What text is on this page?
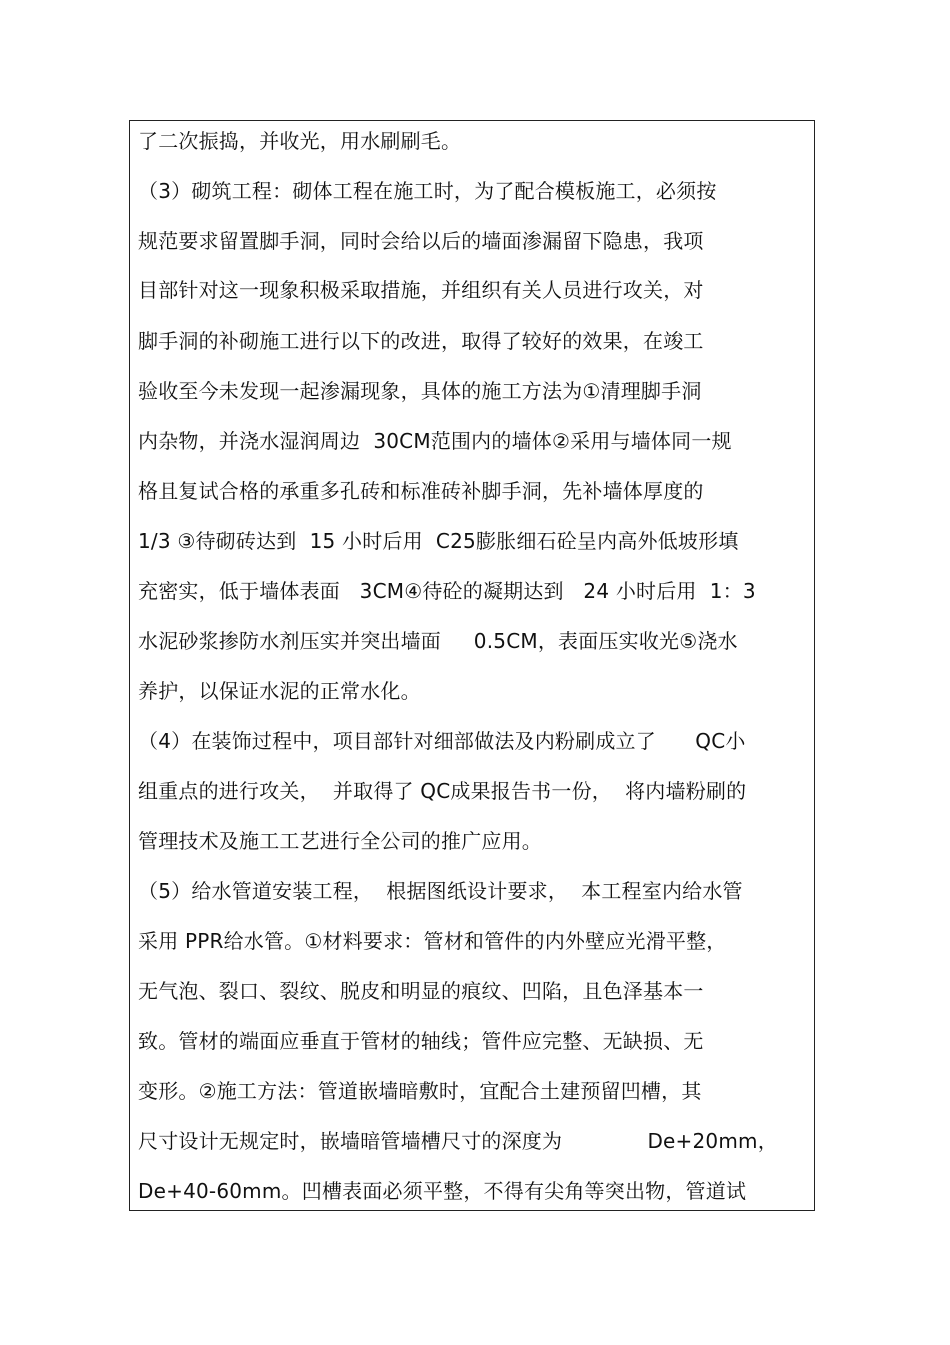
了二次振捣，并收光，用水刷刷毛。
（3）砌筑工程：砌体工程在施工时，为了配合模板施工，必须按
规范要求留置脚手洞，同时会给以后的墙面渗漏留下隐患，我项
目部针对这一现象积极采取措施，并组织有关人员进行攻关，对
脚手洞的补砌施工进行以下的改进，取得了较好的效果，在竣工
验收至今未发现一起渗漏现象，具体的施工方法为①清理脚手洞
内杂物，并浇水湿润周边  30CM范围内的墙体②采用与墙体同一规
格且复试合格的承重多孔砖和标准砖补脚手洞，先补墙体厚度的
1/3 ③待砌砖达到  15 小时后用  C25膨胀细石砼呈内高外低坡形填
充密实，低于墙体表面   3CM④待砼的凝期达到   24 小时后用  1：3
水泥砂浆掺防水剂压实并突出墙面     0.5CM，表面压实收光⑤浇水
养护，以保证水泥的正常水化。
（4）在装饰过程中，项目部针对细部做法及内粉刷成立了      QC小
组重点的进行攻关，  并取得了 QC成果报告书一份，  将内墙粉刷的
管理技术及施工工艺进行全公司的推广应用。
（5）给水管道安装工程，  根据图纸设计要求，  本工程室内给水管
采用 PPR给水管。①材料要求：管材和管件的内外壁应光滑平整，
无气泡、裂口、裂纹、脱皮和明显的痕纹、凹陷，且色泽基本一
致。管材的端面应垂直于管材的轴线；管件应完整、无缺损、无
变形。②施工方法：管道嵌墙暗敷时，宜配合土建预留凹槽，其
尺寸设计无规定时，嵌墙暗管墙槽尺寸的深度为             De+20mm，
De+40-60mm。凹槽表面必须平整，不得有尖角等突出物，管道试
